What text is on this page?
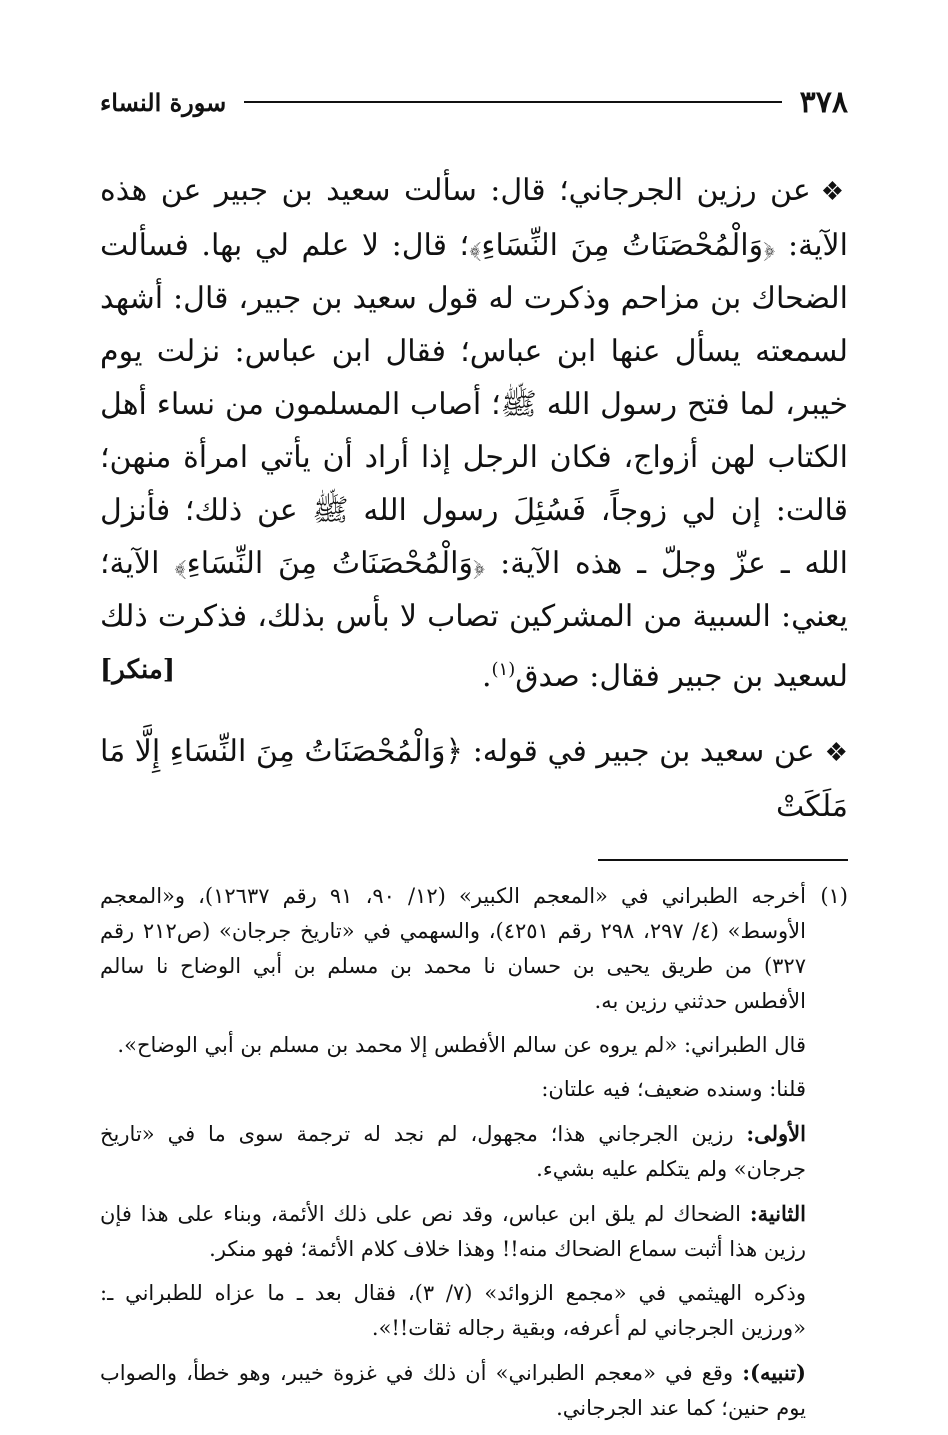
٣٧٨
سورة النساء

❖عن رزين الجرجاني؛ قال: سألت سعيد بن جبير عن هذه الآية: ﴿وَالْمُحْصَنَاتُ مِنَ النِّسَاءِ﴾؛ قال: لا علم لي بها. فسألت الضحاك بن مزاحم وذكرت له قول سعيد بن جبير، قال: أشهد لسمعته يسأل عنها ابن عباس؛ فقال ابن عباس: نزلت يوم خيبر، لما فتح رسول الله ﷺ؛ أصاب المسلمون من نساء أهل الكتاب لهن أزواج، فكان الرجل إذا أراد أن يأتي امرأة منهن؛ قالت: إن لي زوجاً، فَسُئِلَ رسول الله ﷺ عن ذلك؛ فأنزل الله ـ عزّ وجلّ ـ هذه الآية: ﴿وَالْمُحْصَنَاتُ مِنَ النِّسَاءِ﴾ الآية؛ يعني: السبية من المشركين تصاب لا بأس بذلك، فذكرت ذلك لسعيد بن جبير فقال: صدق$^{(١)}$.
[منكر]

❖عن سعيد بن جبير في قوله: ﴿وَالْمُحْصَنَاتُ مِنَ النِّسَاءِ إِلَّا مَا مَلَكَتْ

(١)

أخرجه الطبراني في «المعجم الكبير» (١٢/ ٩٠، ٩١ رقم ١٢٦٣٧)، و«المعجم الأوسط» (٤/ ٢٩٧، ٢٩٨ رقم ٤٢٥١)، والسهمي في «تاريخ جرجان» (ص٢١٢ رقم ٣٢٧) من طريق يحيى بن حسان نا محمد بن مسلم بن أبي الوضاح نا سالم الأفطس حدثني رزين به.

قال الطبراني: «لم يروه عن سالم الأفطس إلا محمد بن مسلم بن أبي الوضاح».

قلنا: وسنده ضعيف؛ فيه علتان:

الأولى: رزين الجرجاني هذا؛ مجهول، لم نجد له ترجمة سوى ما في «تاريخ جرجان» ولم يتكلم عليه بشيء.

الثانية: الضحاك لم يلق ابن عباس، وقد نص على ذلك الأئمة، وبناء على هذا فإن رزين هذا أثبت سماع الضحاك منه!! وهذا خلاف كلام الأئمة؛ فهو منكر.

وذكره الهيثمي في «مجمع الزوائد» (٧/ ٣)، فقال بعد ـ ما عزاه للطبراني ـ: «ورزين الجرجاني لم أعرفه، وبقية رجاله ثقات!!».

(تنبيه): وقع في «معجم الطبراني» أن ذلك في غزوة خيبر، وهو خطأ، والصواب يوم حنين؛ كما عند الجرجاني.
